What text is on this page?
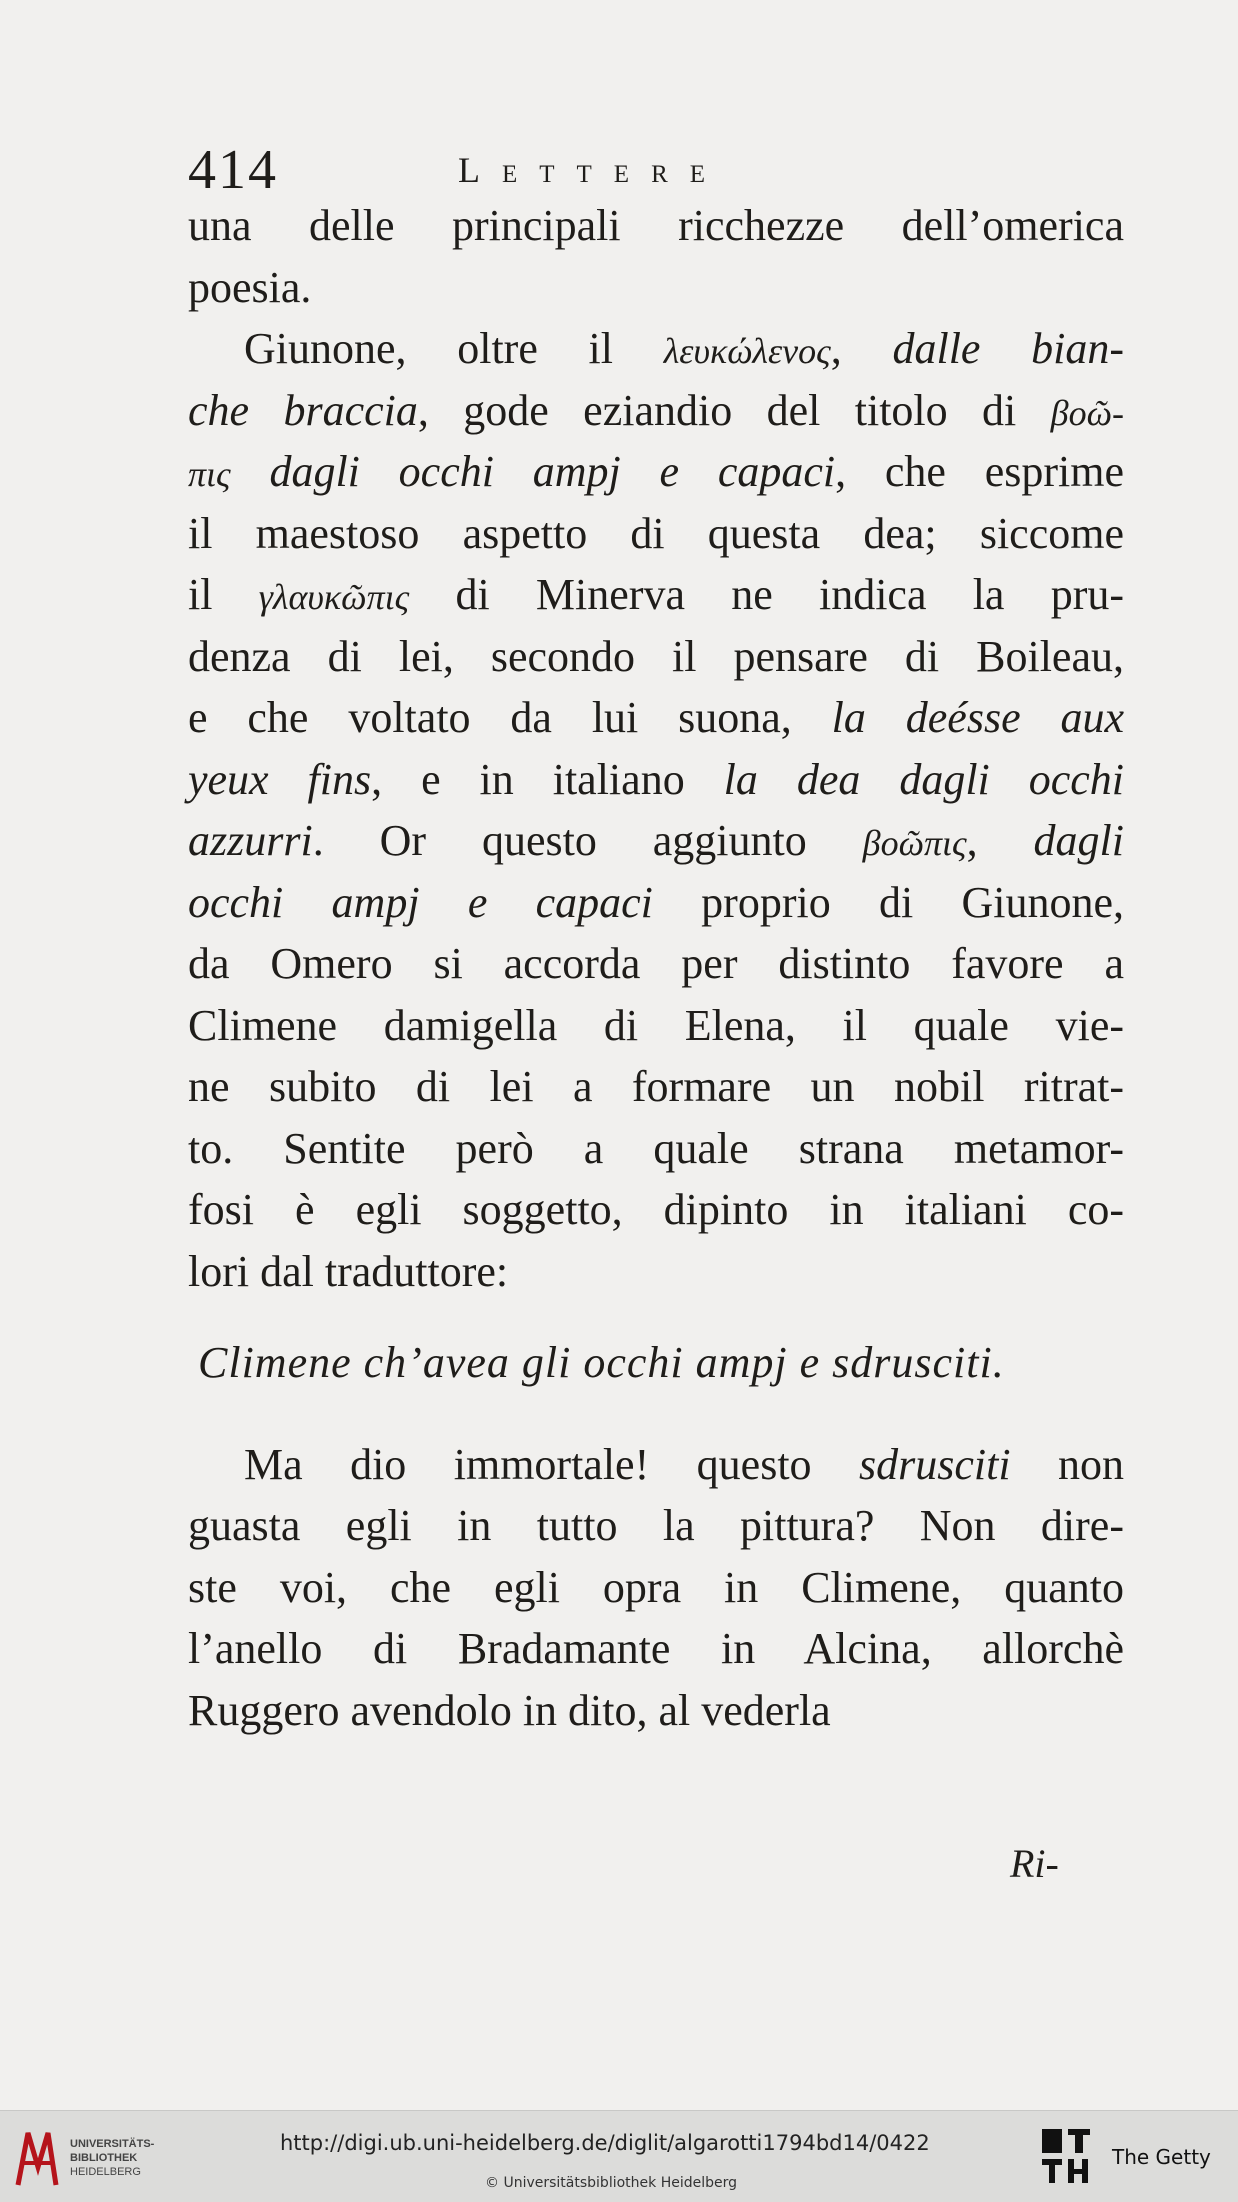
414	Lettere
una delle principali ricchezze dell’omerica
poesia.
Giunone, oltre il λευκώλενος, dalle bian-
che braccia, gode eziandio del titolo di βοῶ-
πις dagli occhi ampj e capaci, che esprime
il maestoso aspetto di questa dea; siccome
il γλαυκῶπις di Minerva ne indica la pru-
denza di lei, secondo il pensare di Boileau,
e che voltato da lui suona, la deésse aux
yeux fins, e in italiano la dea dagli occhi
azzurri. Or questo aggiunto βοῶπις, dagli
occhi ampj e capaci proprio di Giunone,
da Omero si accorda per distinto favore a
Climene damigella di Elena, il quale vie-
ne subito di lei a formare un nobil ritrat-
to. Sentite però a quale strana metamor-
fosi è egli soggetto, dipinto in italiani co-
lori dal traduttore:
Climene ch’avea gli occhi ampj e sdrusciti.
Ma dio immortale! questo sdrusciti non
guasta egli in tutto la pittura? Non dire-
ste voi, che egli opra in Climene, quanto
l’anello di Bradamante in Alcina, allorchè
Ruggero avendolo in dito, al vederla
Ri-
UNIVERSITÄTS-
BIBLIOTHEK
HEIDELBERG
http://digi.ub.uni-heidelberg.de/diglit/algarotti1794bd14/0422
© Universitätsbibliothek Heidelberg
The Getty
